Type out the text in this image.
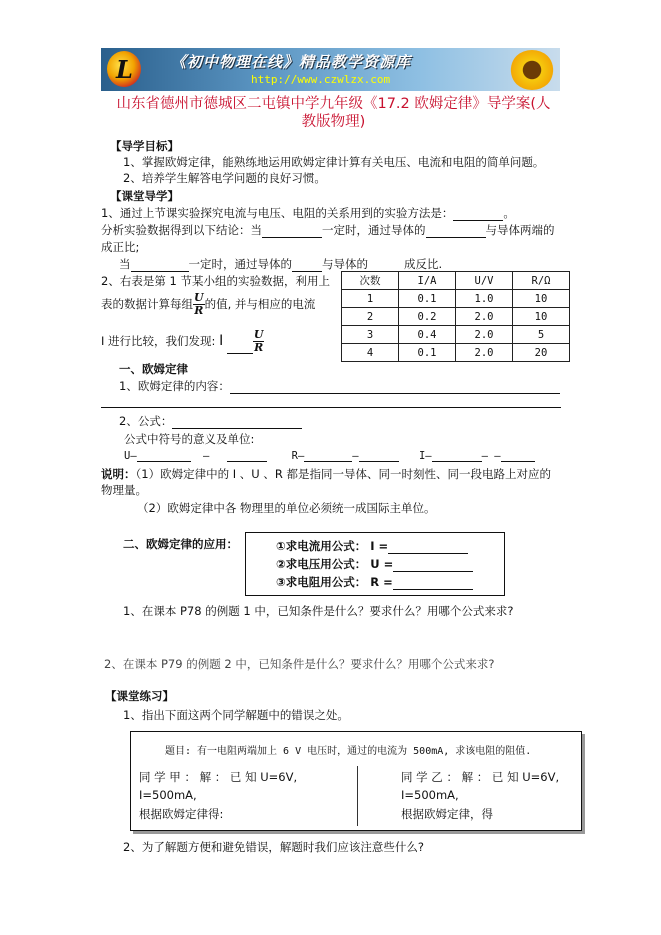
L	《初中物理在线》精品教学资源库
http://www.czwlzx.com
山东省德州市德城区二屯镇中学九年级《17.2 欧姆定律》导学案(人
教版物理)
【导学目标】
1、掌握欧姆定律，能熟练地运用欧姆定律计算有关电压、电流和电阻的简单问题。
2、培养学生解答电学问题的良好习惯。
【课堂导学】
1、通过上节课实验探究电流与电压、电阻的关系用到的实验方法是：	。
分析实验数据得到以下结论：当	一定时，通过导体的	与导体两端的
成正比;
当	一定时，通过导体的	与导体的	成反比.
2、右表是第 1 节某小组的实验数据，利用上
表的数据计算每组 $\frac{U}{R}$ 的值, 并与相应的电流
I 进行比较，我们发现: I	$\frac{U}{R}$
次数	I/A	U/V	R/Ω
1	0.1	1.0	10
2	0.2	2.0	10
3	0.4	2.0	5
4	0.1	2.0	20
一、欧姆定律
1、欧姆定律的内容：
2、公式：
公式中符号的意义及单位:
U—	—	R—	—	I—	— —
说明：（1）欧姆定律中的 I 、U 、R 都是指同一导体、同一时刻性、同一段电路上对应的
物理量。
（2）欧姆定律中各 物理里的单位必须统一成国际主单位。
二、欧姆定律的应用：	①求电流用公式： I =
②求电压用公式： U =
③求电阻用公式： R =
1、在课本 P78 的例题 1 中，已知条件是什么？要求什么？用哪个公式来求?
2、在课本 P79 的例题 2 中，已知条件是什么？要求什么？用哪个公式来求?
【课堂练习】
1、指出下面这两个同学解题中的错误之处。
题目: 有一电阻两端加上 6 V 电压时，通过的电流为 500mA, 求该电阻的阻值.
同 学 甲 ： 解 ： 已 知 U=6V,
I=500mA,
根据欧姆定律得:
同 学 乙 ： 解 ： 已 知 U=6V,
I=500mA,
根据欧姆定律，得
2、为了解题方便和避免错误，解题时我们应该注意些什么?
